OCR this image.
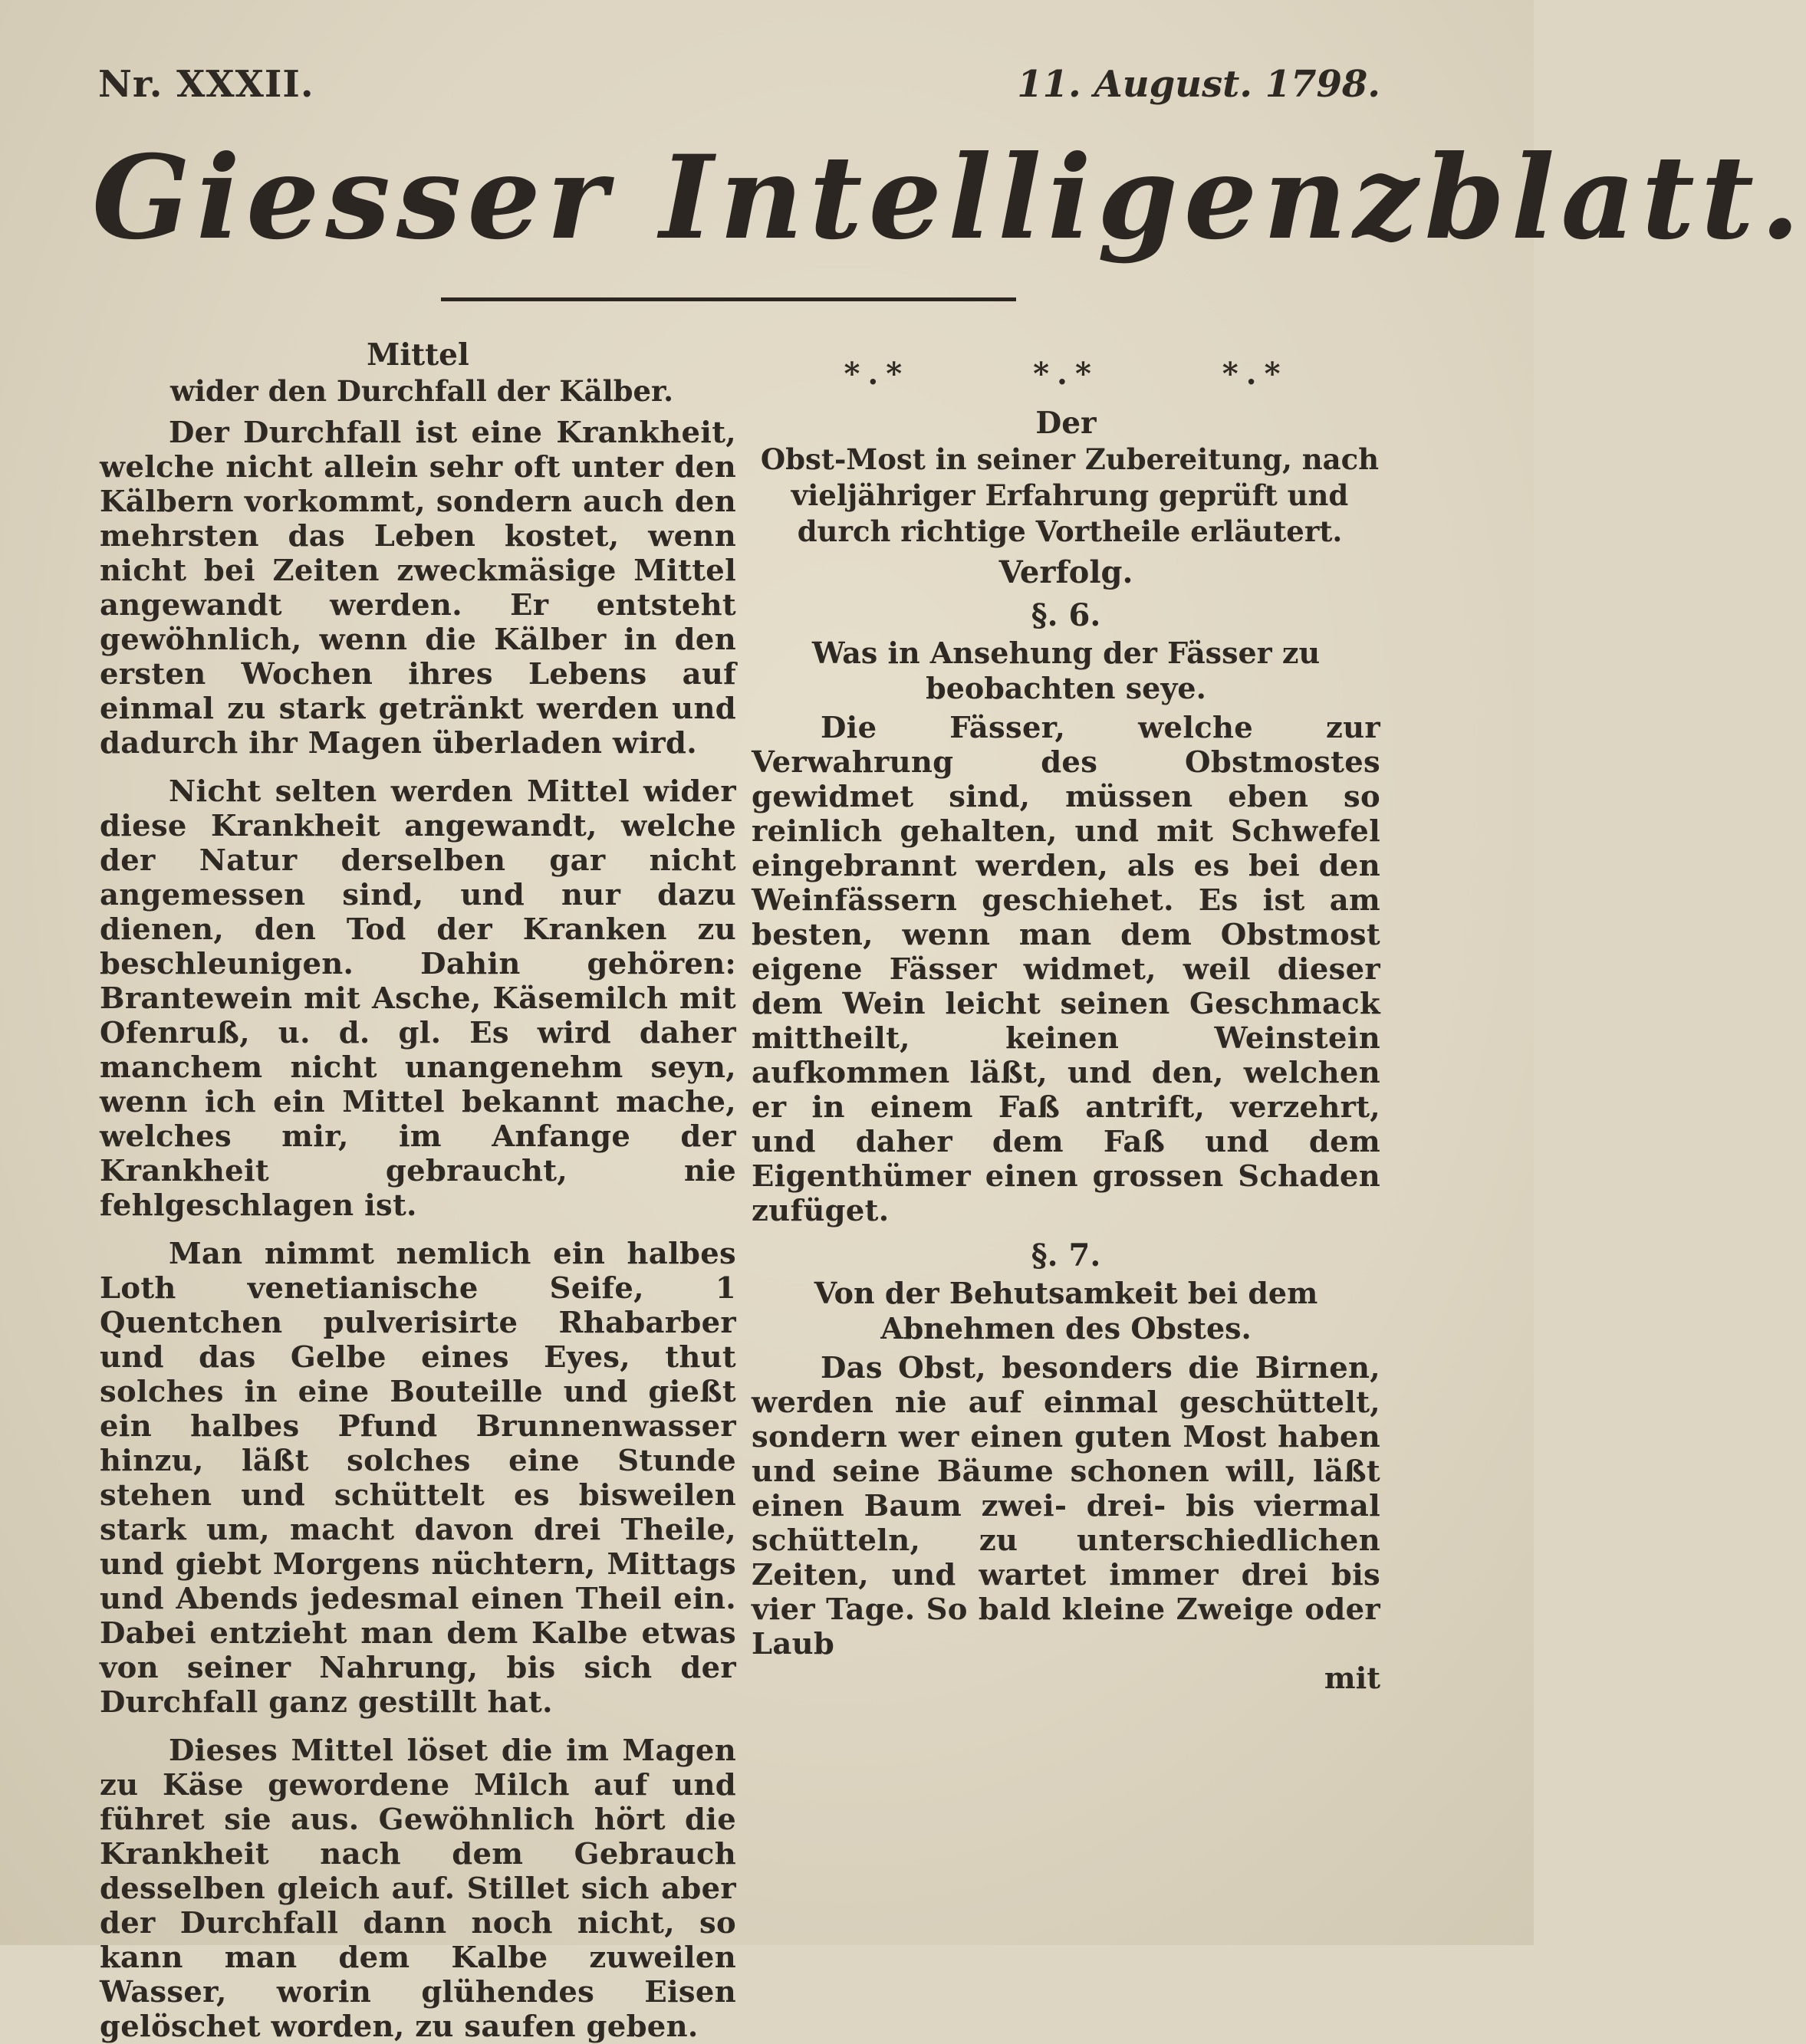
Nr. XXXII.	11. August. 1798.
Giesser Intelligenzblatt.
Mittel
wider den Durchfall der Kälber.

Der Durchfall ist eine Krankheit, welche nicht allein sehr oft unter den Kälbern vorkommt, sondern auch den mehrsten das Leben kostet, wenn nicht bei Zeiten zweckmäsige Mittel angewandt werden. Er entsteht gewöhnlich, wenn die Kälber in den ersten Wochen ihres Lebens auf einmal zu stark getränkt werden und dadurch ihr Magen überladen wird.

Nicht selten werden Mittel wider diese Krankheit angewandt, welche der Natur derselben gar nicht angemessen sind, und nur dazu dienen, den Tod der Kranken zu beschleunigen. Dahin gehören: Brantewein mit Asche, Käsemilch mit Ofenruß, u. d. gl. Es wird daher manchem nicht unangenehm seyn, wenn ich ein Mittel bekannt mache, welches mir, im Anfange der Krankheit gebraucht, nie fehlgeschlagen ist.

Man nimmt nemlich ein halbes Loth venetianische Seife, 1 Quentchen pulverisirte Rhabarber und das Gelbe eines Eyes, thut solches in eine Bouteille und gießt ein halbes Pfund Brunnenwasser hinzu, läßt solches eine Stunde stehen und schüttelt es bisweilen stark um, macht davon drei Theile, und giebt Morgens nüchtern, Mittags und Abends jedesmal einen Theil ein. Dabei entzieht man dem Kalbe etwas von seiner Nahrung, bis sich der Durchfall ganz gestillt hat.

Dieses Mittel löset die im Magen zu Käse gewordene Milch auf und führet sie aus. Gewöhnlich hört die Krankheit nach dem Gebrauch desselben gleich auf. Stillet sich aber der Durchfall dann noch nicht, so kann man dem Kalbe zuweilen Wasser, worin glühendes Eisen gelöschet worden, zu saufen geben.

*.*	*.*	*.*
Der
Obst-Most in seiner Zubereitung, nach vieljähriger Erfahrung geprüft und durch richtige Vortheile erläutert.
Verfolg.
§. 6.
Was in Ansehung der Fässer zu beobachten seye.

Die Fässer, welche zur Verwahrung des Obstmostes gewidmet sind, müssen eben so reinlich gehalten, und mit Schwefel eingebrannt werden, als es bei den Weinfässern geschiehet. Es ist am besten, wenn man dem Obstmost eigene Fässer widmet, weil dieser dem Wein leicht seinen Geschmack mittheilt, keinen Weinstein aufkommen läßt, und den, welchen er in einem Faß antrift, verzehrt, und daher dem Faß und dem Eigenthümer einen grossen Schaden zufüget.

§. 7.
Von der Behutsamkeit bei dem Abnehmen des Obstes.

Das Obst, besonders die Birnen, werden nie auf einmal geschüttelt, sondern wer einen guten Most haben und seine Bäume schonen will, läßt einen Baum zwei- drei- bis viermal schütteln, zu unterschiedlichen Zeiten, und wartet immer drei bis vier Tage. So bald kleine Zweige oder Laub

mit
